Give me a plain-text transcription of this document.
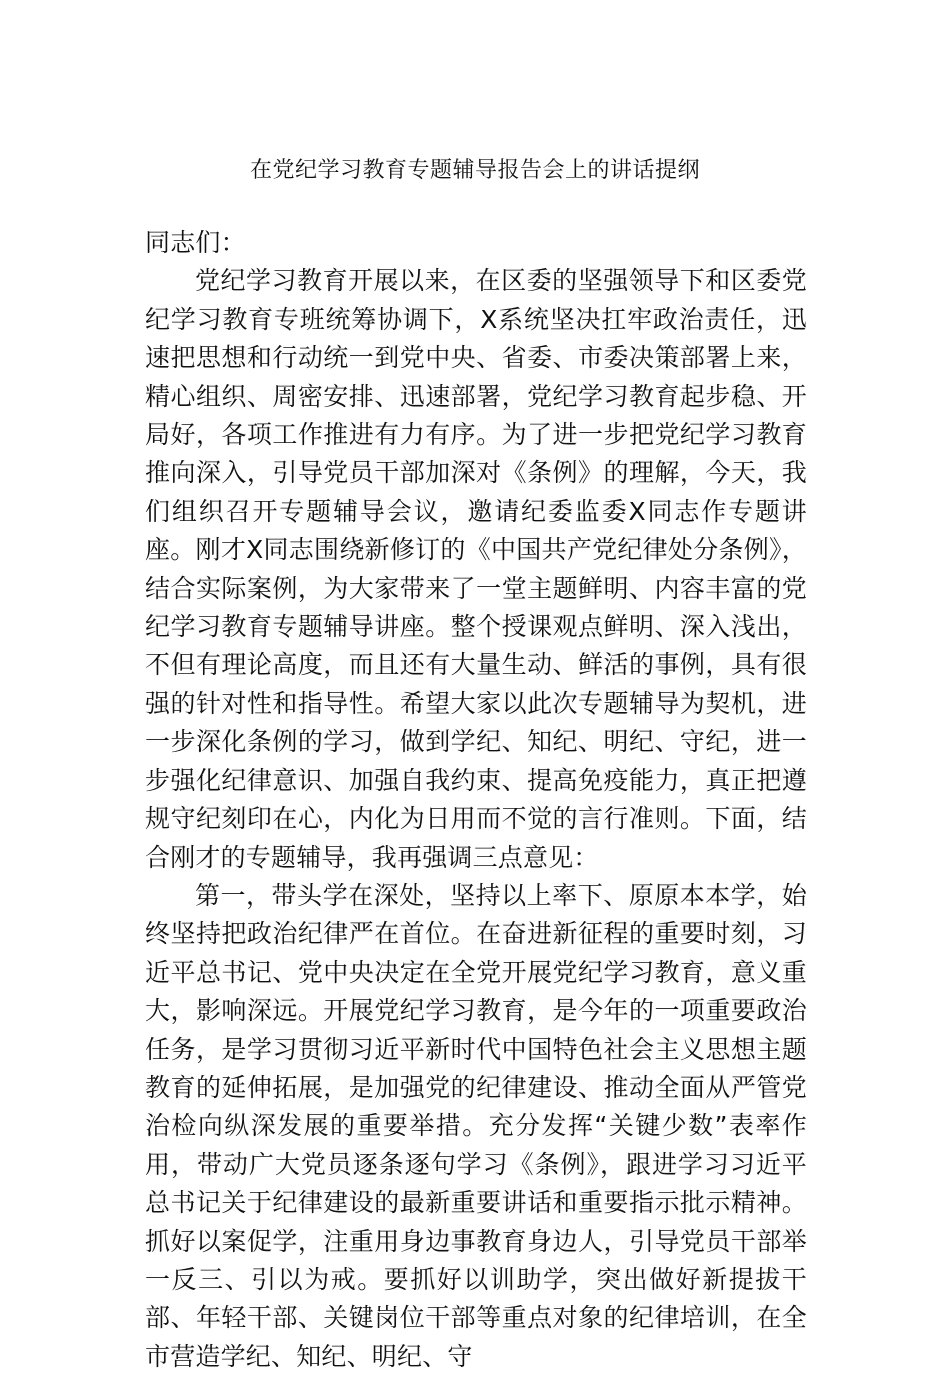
在党纪学习教育专题辅导报告会上的讲话提纲

同志们：

党纪学习教育开展以来，在区委的坚强领导下和区委党纪学习教育专班统筹协调下，X系统坚决扛牢政治责任，迅速把思想和行动统一到党中央、省委、市委决策部署上来，精心组织、周密安排、迅速部署，党纪学习教育起步稳、开局好，各项工作推进有力有序。为了进一步把党纪学习教育推向深入，引导党员干部加深对《条例》的理解，今天，我们组织召开专题辅导会议，邀请纪委监委X同志作专题讲座。刚才X同志围绕新修订的《中国共产党纪律处分条例》，结合实际案例，为大家带来了一堂主题鲜明、内容丰富的党纪学习教育专题辅导讲座。整个授课观点鲜明、深入浅出，不但有理论高度，而且还有大量生动、鲜活的事例，具有很强的针对性和指导性。希望大家以此次专题辅导为契机，进一步深化条例的学习，做到学纪、知纪、明纪、守纪，进一步强化纪律意识、加强自我约束、提高免疫能力，真正把遵规守纪刻印在心，内化为日用而不觉的言行准则。下面，结合刚才的专题辅导，我再强调三点意见：

第一，带头学在深处，坚持以上率下、原原本本学，始终坚持把政治纪律严在首位。在奋进新征程的重要时刻，习近平总书记、党中央决定在全党开展党纪学习教育，意义重大，影响深远。开展党纪学习教育，是今年的一项重要政治任务，是学习贯彻习近平新时代中国特色社会主义思想主题教育的延伸拓展，是加强党的纪律建设、推动全面从严管党治检向纵深发展的重要举措。充分发挥“关键少数”表率作用，带动广大党员逐条逐句学习《条例》，跟进学习习近平总书记关于纪律建设的最新重要讲话和重要指示批示精神。抓好以案促学，注重用身边事教育身边人，引导党员干部举一反三、引以为戒。要抓好以训助学，突出做好新提拔干部、年轻干部、关键岗位干部等重点对象的纪律培训，在全市营造学纪、知纪、明纪、守
